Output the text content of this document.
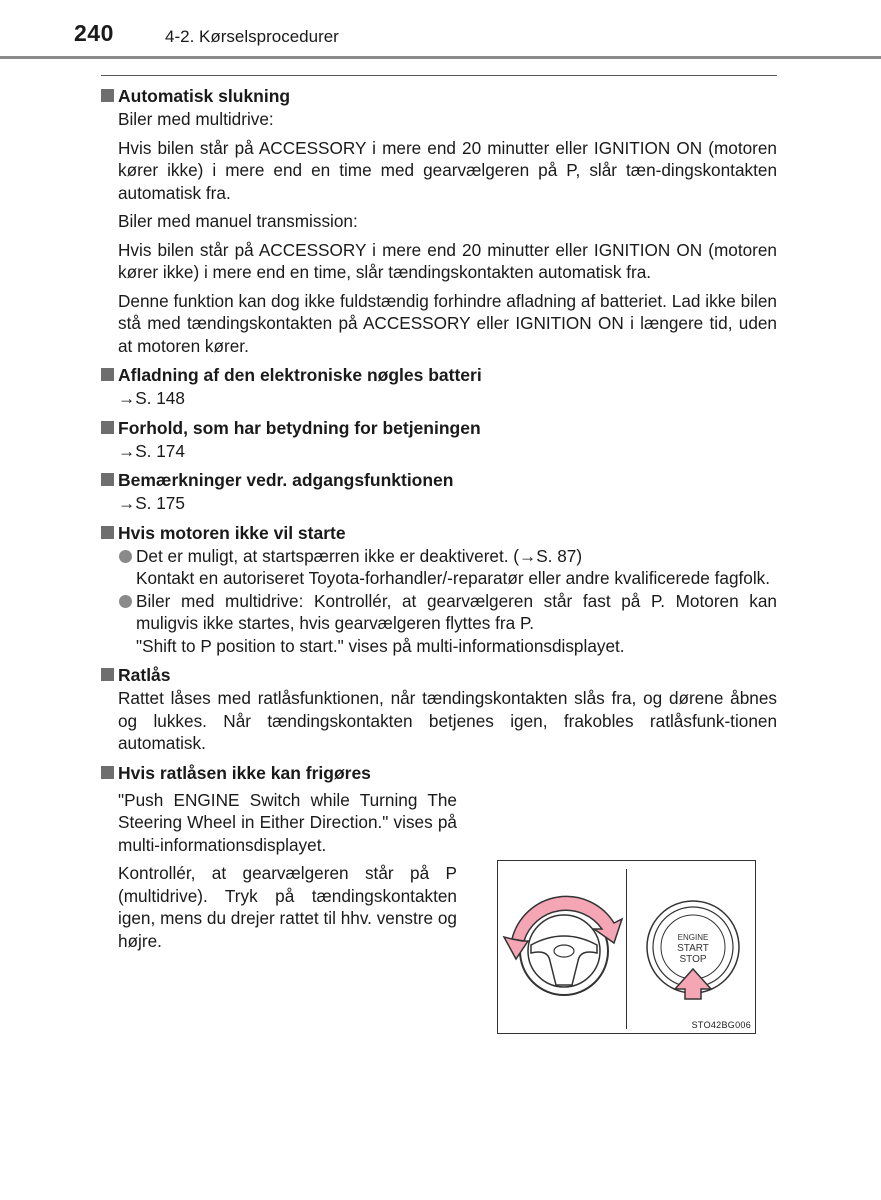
240	4-2. Kørselsprocedurer
Automatisk slukning

Biler med multidrive:

Hvis bilen står på ACCESSORY i mere end 20 minutter eller IGNITION ON (motoren kører ikke) i mere end en time med gearvælgeren på P, slår tæn-dingskontakten automatisk fra.

Biler med manuel transmission:

Hvis bilen står på ACCESSORY i mere end 20 minutter eller IGNITION ON (motoren kører ikke) i mere end en time, slår tændingskontakten automatisk fra.

Denne funktion kan dog ikke fuldstændig forhindre afladning af batteriet. Lad ikke bilen stå med tændingskontakten på ACCESSORY eller IGNITION ON i længere tid, uden at motoren kører.

Afladning af den elektroniske nøgles batteri

→S. 148

Forhold, som har betydning for betjeningen

→S. 174

Bemærkninger vedr. adgangsfunktionen

→S. 175

Hvis motoren ikke vil starte
Det er muligt, at startspærren ikke er deaktiveret. (→S. 87)

Kontakt en autoriseret Toyota-forhandler/-reparatør eller andre kvalificerede fagfolk.

Biler med multidrive: Kontrollér, at gearvælgeren står fast på P. Motoren kan muligvis ikke startes, hvis gearvælgeren flyttes fra P.

"Shift to P position to start." vises på multi-informationsdisplayet.

Ratlås

Rattet låses med ratlåsfunktionen, når tændingskontakten slås fra, og dørene åbnes og lukkes. Når tændingskontakten betjenes igen, frakobles ratlåsfunk-tionen automatisk.

Hvis ratlåsen ikke kan frigøres

"Push ENGINE Switch while Turning The Steering Wheel in Either Direction." vises på multi-informationsdisplayet.

Kontrollér, at gearvælgeren står på P (multidrive). Tryk på tændingskontakten igen, mens du drejer rattet til hhv. venstre og højre.	ENGINE
START
STOP
STO42BG006
